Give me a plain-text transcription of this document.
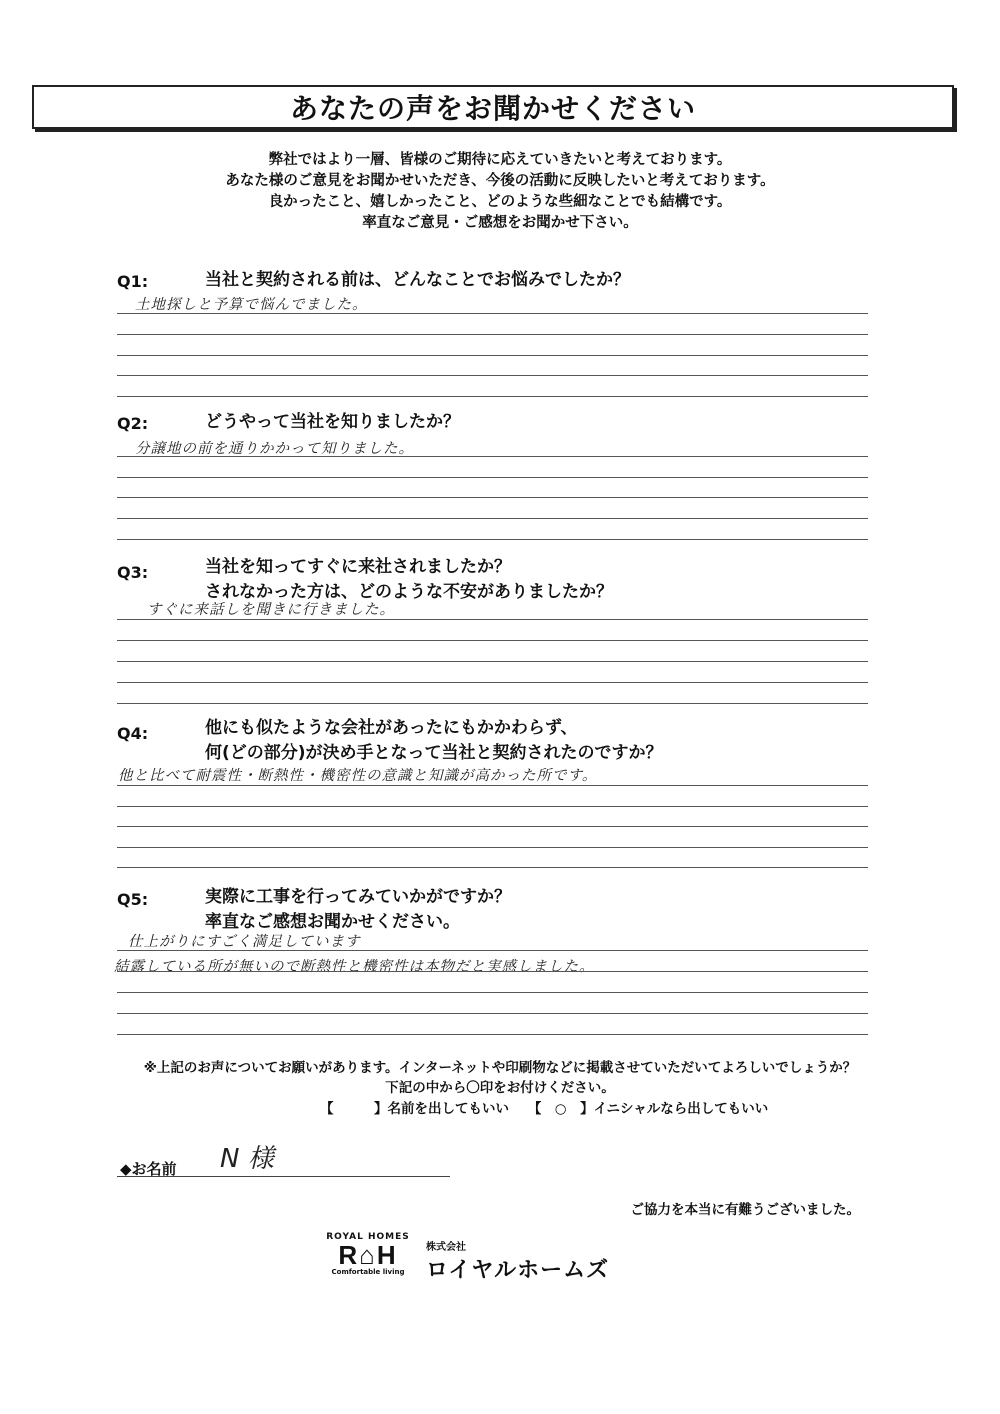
あなたの声をお聞かせください
弊社ではより一層、皆様のご期待に応えていきたいと考えております。
あなた様のご意見をお聞かせいただき、今後の活動に反映したいと考えております。
良かったこと、嬉しかったこと、どのような些細なことでも結構です。
率直なご意見・ご感想をお聞かせ下さい。
Q1:	当社と契約される前は、どんなことでお悩みでしたか？
土地探しと予算で悩んでました。
Q2:	どうやって当社を知りましたか？
分譲地の前を通りかかって知りました。
Q3:	当社を知ってすぐに来社されましたか？
されなかった方は、どのような不安がありましたか？
すぐに来話しを聞きに行きました。
Q4:	他にも似たような会社があったにもかかわらず、
何(どの部分)が決め手となって当社と契約されたのですか？
他と比べて耐震性・断熱性・機密性の意識と知識が高かった所です。
Q5:	実際に工事を行ってみていかがですか？
率直なご感想お聞かせください。
仕上がりにすごく満足しています
結露している所が無いので断熱性と機密性は本物だと実感しました。
※上記のお声についてお願いがあります。インターネットや印刷物などに掲載させていただいてよろしいでしょうか？
下記の中から〇印をお付けください。
【　　　】名前を出してもいい 【　○　】イニシャルなら出してもいい
◆お名前 N 様
ご協力を本当に有難うございました。
ROYAL HOMES
R⌂H
Comfortable living
株式会社
ロイヤルホームズ
